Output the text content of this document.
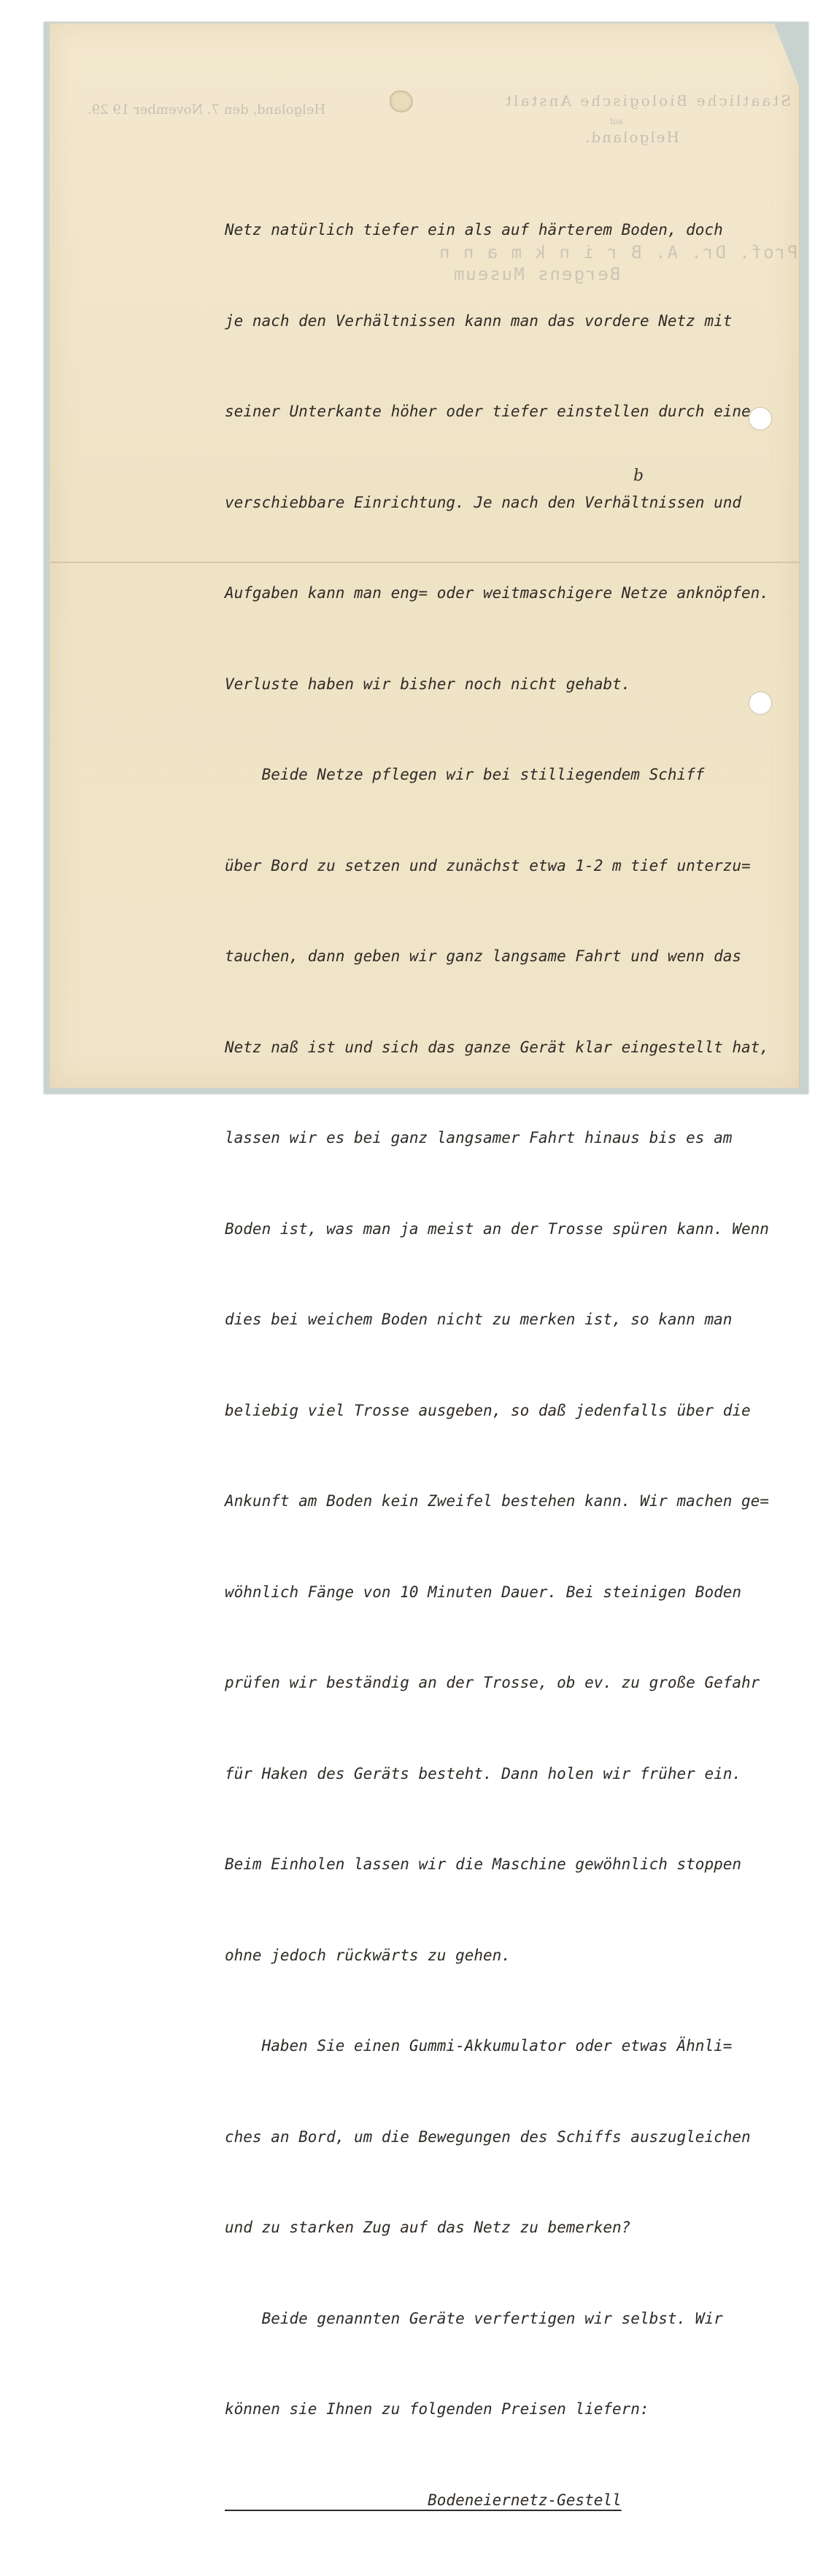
Staatliche Biologische Anstalt
auf
Helgoland.
Helgoland, den 7. November 19 29.
Prof. Dr. A. B r i n k m a n n
Bergens Museum

Netz natürlich tiefer ein als auf härterem Boden, doch

je nach den Verhältnissen kann man das vordere Netz mit

seiner Unterkante höher oder tiefer einstellen durch eine

verschiebbare Einrichtung. Je nach den Verhältnissen und

Aufgaben kann man eng= oder weitmaschigere Netze anknöpfen.

Verluste haben wir bisher noch nicht gehabt.

Beide Netze pflegen wir bei stilliegendem Schiff

über Bord zu setzen und zunächst etwa 1-2 m tief unterzu=

tauchen, dann geben wir ganz langsame Fahrt und wenn das

Netz naß ist und sich das ganze Gerät klar eingestellt hat,

lassen wir es bei ganz langsamer Fahrt hinaus bis es am

Boden ist, was man ja meist an der Trosse spüren kann. Wenn

dies bei weichem Boden nicht zu merken ist, so kann man

beliebig viel Trosse ausgeben, so daß jedenfalls über die

Ankunft am Boden kein Zweifel bestehen kann. Wir machen ge=

wöhnlich Fänge von 10 Minuten Dauer. Bei steinigen Boden

prüfen wir beständig an der Trosse, ob ev. zu große Gefahr

für Haken des Geräts besteht. Dann holen wir früher ein.

Beim Einholen lassen wir die Maschine gewöhnlich stoppen

ohne jedoch rückwärts zu gehen.

Haben Sie einen Gummi-Akkumulator oder etwas Ähnli=

ches an Bord, um die Bewegungen des Schiffs auszugleichen

und zu starken Zug auf das Netz zu bemerken?

Beide genannten Geräte verfertigen wir selbst. Wir

können sie Ihnen zu folgenden Preisen liefern:

Bodeneiernetz-Gestell

b
